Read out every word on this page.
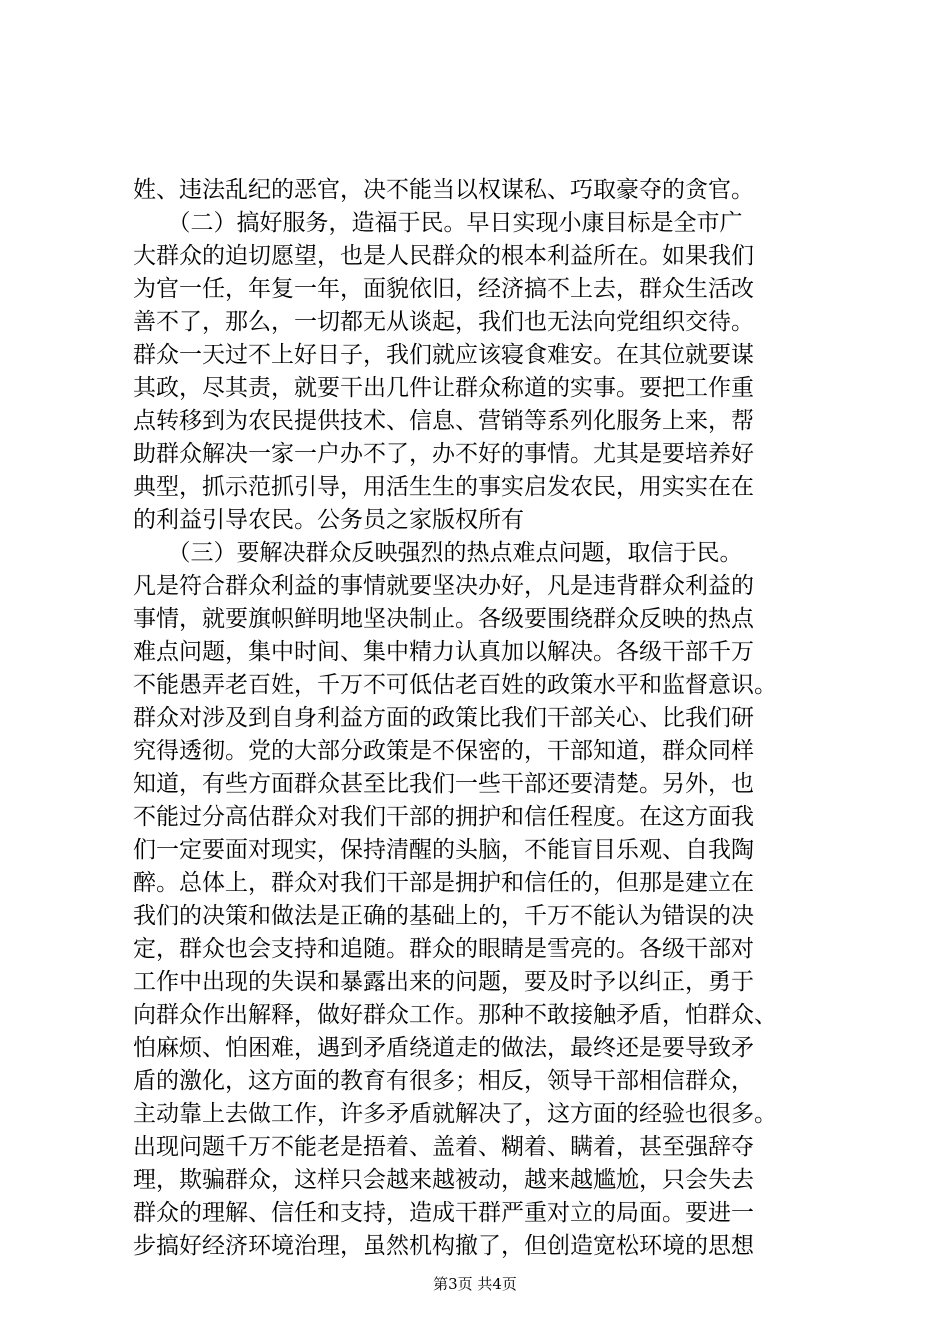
姓、违法乱纪的恶官，决不能当以权谋私、巧取豪夺的贪官。
　　（二）搞好服务，造福于民。早日实现小康目标是全市广
大群众的迫切愿望，也是人民群众的根本利益所在。如果我们
为官一任，年复一年，面貌依旧，经济搞不上去，群众生活改
善不了，那么，一切都无从谈起，我们也无法向党组织交待。
群众一天过不上好日子，我们就应该寝食难安。在其位就要谋
其政，尽其责，就要干出几件让群众称道的实事。要把工作重
点转移到为农民提供技术、信息、营销等系列化服务上来，帮
助群众解决一家一户办不了，办不好的事情。尤其是要培养好
典型，抓示范抓引导，用活生生的事实启发农民，用实实在在
的利益引导农民。公务员之家版权所有
　　（三）要解决群众反映强烈的热点难点问题，取信于民。
凡是符合群众利益的事情就要坚决办好，凡是违背群众利益的
事情，就要旗帜鲜明地坚决制止。各级要围绕群众反映的热点
难点问题，集中时间、集中精力认真加以解决。各级干部千万
不能愚弄老百姓，千万不可低估老百姓的政策水平和监督意识。
群众对涉及到自身利益方面的政策比我们干部关心、比我们研
究得透彻。党的大部分政策是不保密的，干部知道，群众同样
知道，有些方面群众甚至比我们一些干部还要清楚。另外，也
不能过分高估群众对我们干部的拥护和信任程度。在这方面我
们一定要面对现实，保持清醒的头脑，不能盲目乐观、自我陶
醉。总体上，群众对我们干部是拥护和信任的，但那是建立在
我们的决策和做法是正确的基础上的，千万不能认为错误的决
定，群众也会支持和追随。群众的眼睛是雪亮的。各级干部对
工作中出现的失误和暴露出来的问题，要及时予以纠正，勇于
向群众作出解释，做好群众工作。那种不敢接触矛盾，怕群众、
怕麻烦、怕困难，遇到矛盾绕道走的做法，最终还是要导致矛
盾的激化，这方面的教育有很多；相反，领导干部相信群众，
主动靠上去做工作，许多矛盾就解决了，这方面的经验也很多。
出现问题千万不能老是捂着、盖着、糊着、瞒着，甚至强辞夺
理，欺骗群众，这样只会越来越被动，越来越尴尬，只会失去
群众的理解、信任和支持，造成干群严重对立的局面。要进一
步搞好经济环境治理，虽然机构撤了，但创造宽松环境的思想
第3页 共4页
